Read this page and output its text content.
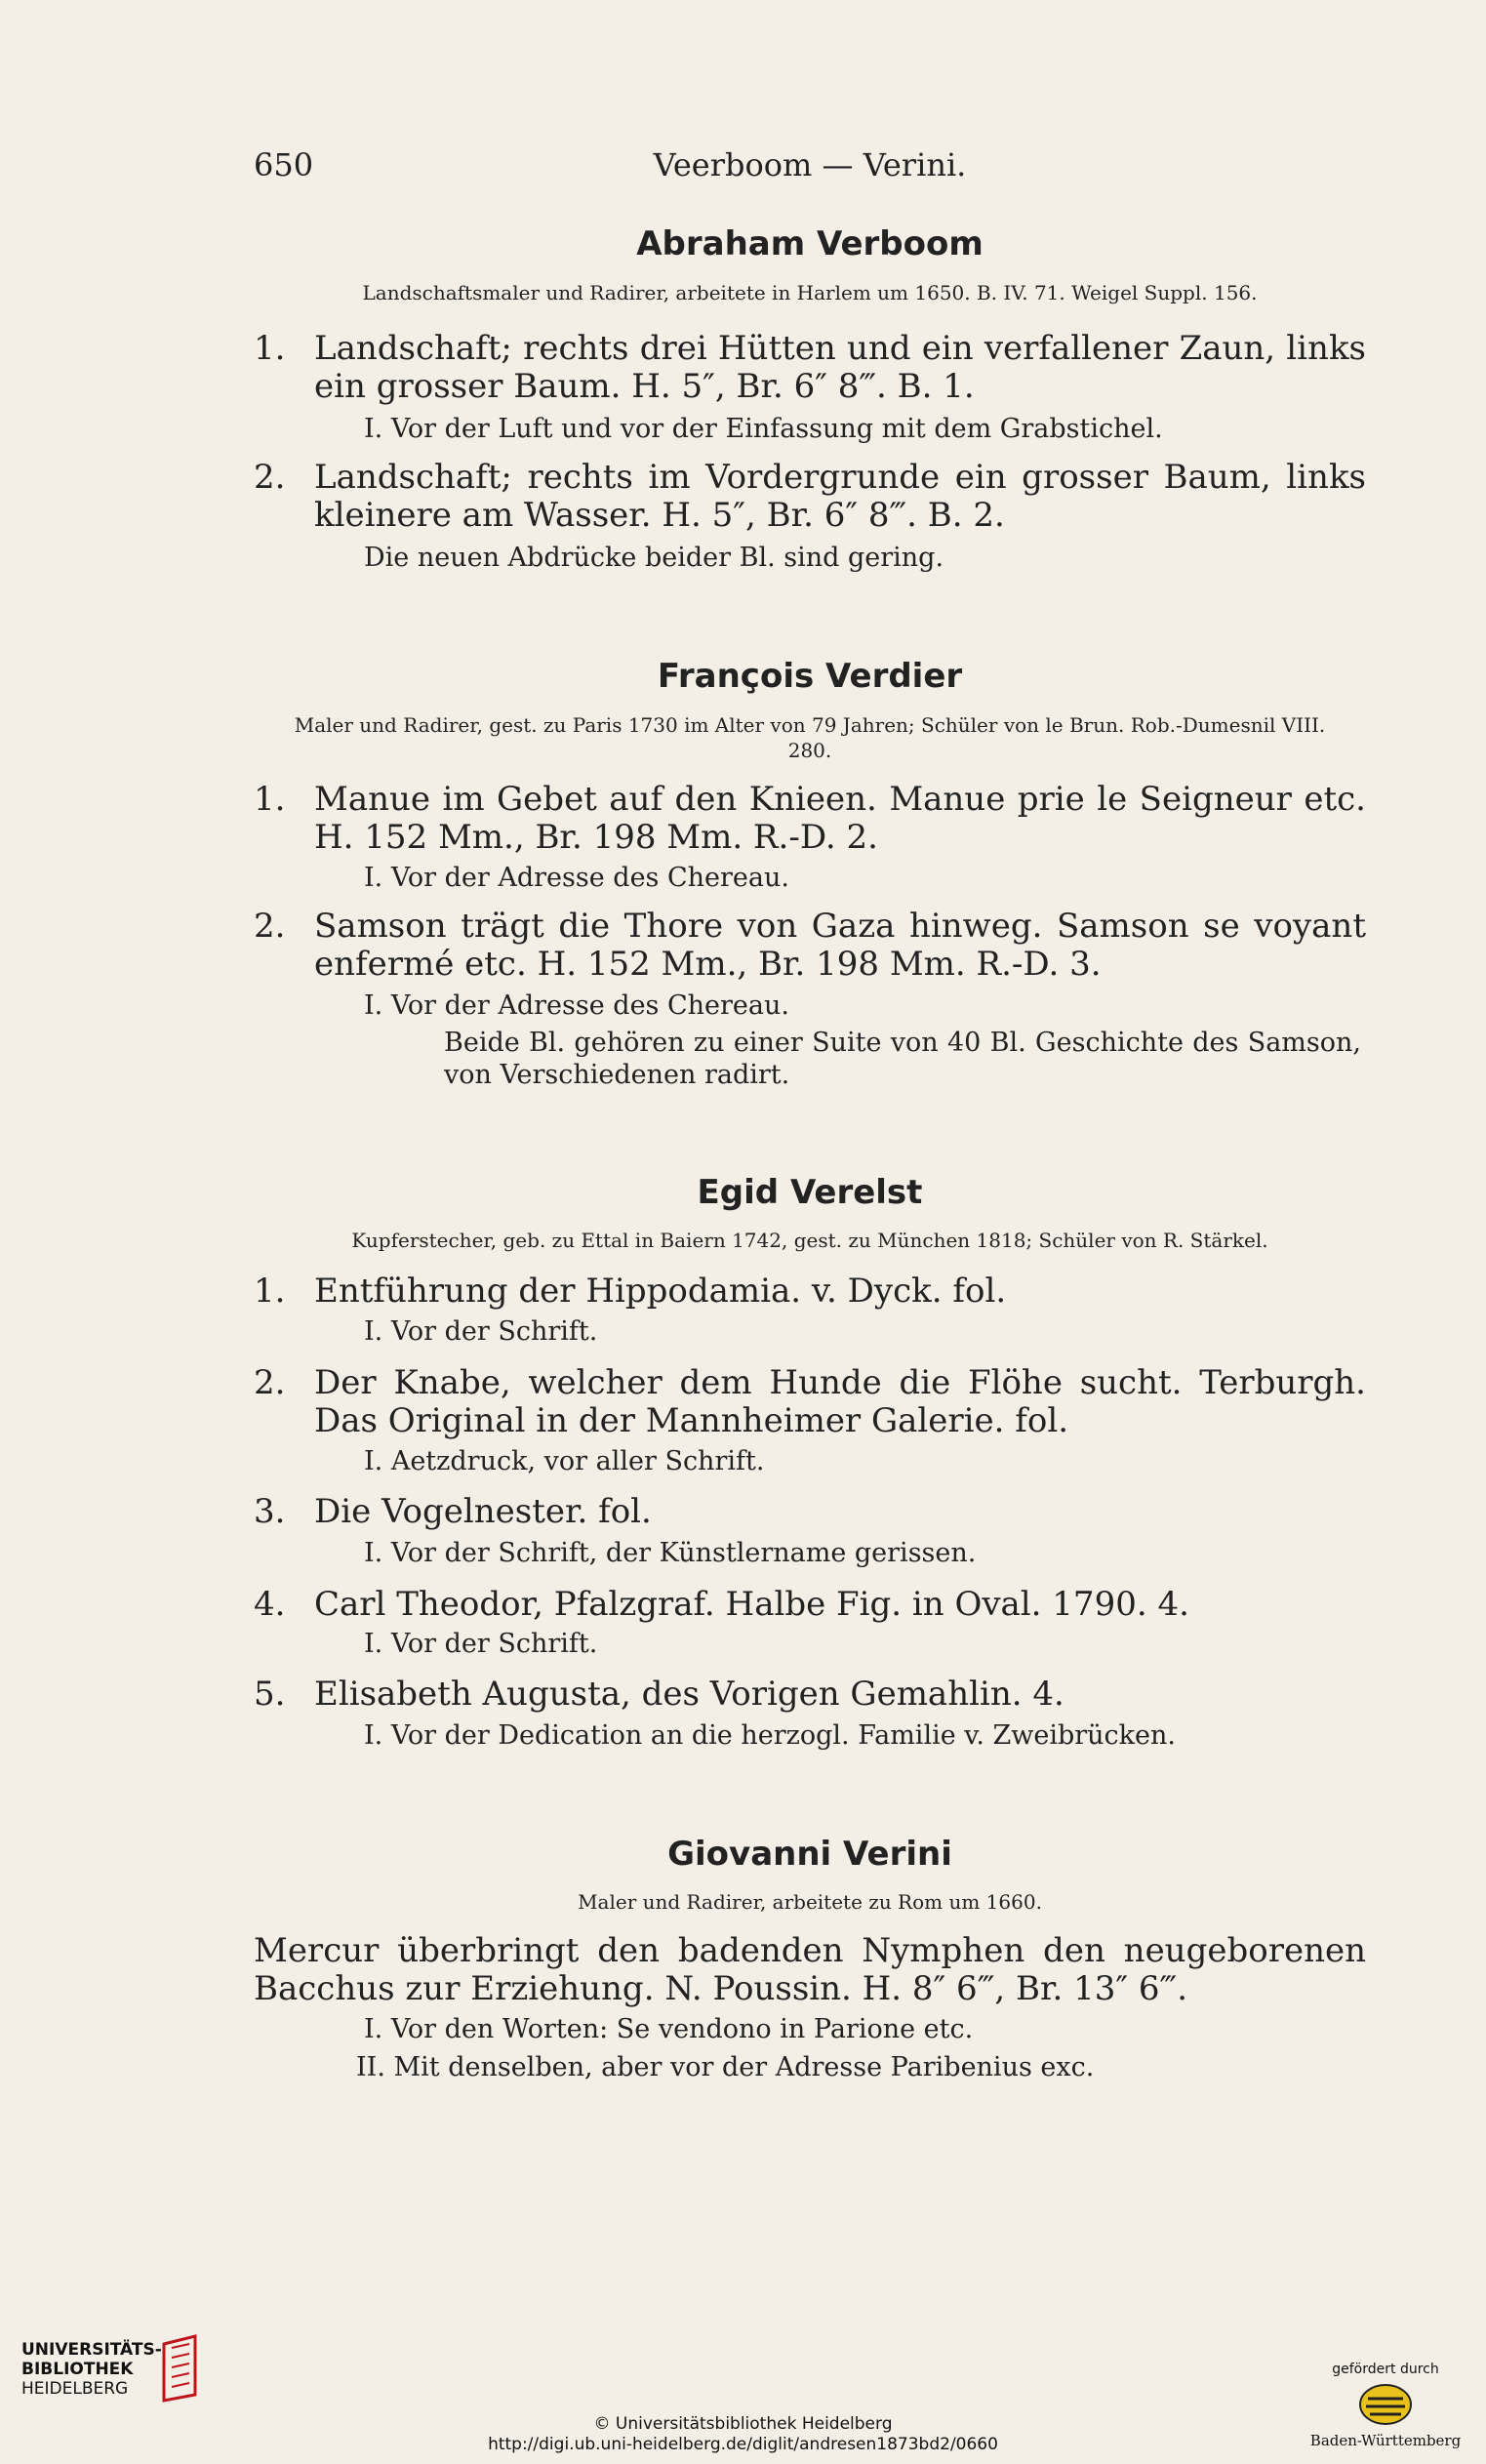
650	Veerboom — Verini.
Abraham Verboom
Landschaftsmaler und Radirer, arbeitete in Harlem um 1650. B. IV. 71. Weigel Suppl. 156.
1. Landschaft; rechts drei Hütten und ein verfallener Zaun, links ein grosser Baum. H. 5″, Br. 6″ 8‴. B. 1.
I. Vor der Luft und vor der Einfassung mit dem Grabstichel.
2. Landschaft; rechts im Vordergrunde ein grosser Baum, links kleinere am Wasser. H. 5″, Br. 6″ 8‴. B. 2.
Die neuen Abdrücke beider Bl. sind gering.
François Verdier
Maler und Radirer, gest. zu Paris 1730 im Alter von 79 Jahren; Schüler von le Brun. Rob.-Dumesnil VIII. 280.
1. Manue im Gebet auf den Knieen. Manue prie le Seigneur etc. H. 152 Mm., Br. 198 Mm. R.-D. 2.
I. Vor der Adresse des Chereau.
2. Samson trägt die Thore von Gaza hinweg. Samson se voyant enfermé etc. H. 152 Mm., Br. 198 Mm. R.-D. 3.
I. Vor der Adresse des Chereau.
Beide Bl. gehören zu einer Suite von 40 Bl. Geschichte des Samson, von Verschiedenen radirt.
Egid Verelst
Kupferstecher, geb. zu Ettal in Baiern 1742, gest. zu München 1818; Schüler von R. Stärkel.
1. Entführung der Hippodamia. v. Dyck. fol.
I. Vor der Schrift.
2. Der Knabe, welcher dem Hunde die Flöhe sucht. Terburgh. Das Original in der Mannheimer Galerie. fol.
I. Aetzdruck, vor aller Schrift.
3. Die Vogelnester. fol.
I. Vor der Schrift, der Künstlername gerissen.
4. Carl Theodor, Pfalzgraf. Halbe Fig. in Oval. 1790. 4.
I. Vor der Schrift.
5. Elisabeth Augusta, des Vorigen Gemahlin. 4.
I. Vor der Dedication an die herzogl. Familie v. Zweibrücken.
Giovanni Verini
Maler und Radirer, arbeitete zu Rom um 1660.
Mercur überbringt den badenden Nymphen den neugeborenen Bacchus zur Erziehung. N. Poussin. H. 8″ 6‴, Br. 13″ 6‴.
I. Vor den Worten: Se vendono in Parione etc.
II. Mit denselben, aber vor der Adresse Paribenius exc.
UNIVERSITÄTS-
BIBLIOTHEK
HEIDELBERG
© Universitätsbibliothek Heidelberg
http://digi.ub.uni-heidelberg.de/diglit/andresen1873bd2/0660
gefördert durch
Baden-Württemberg
